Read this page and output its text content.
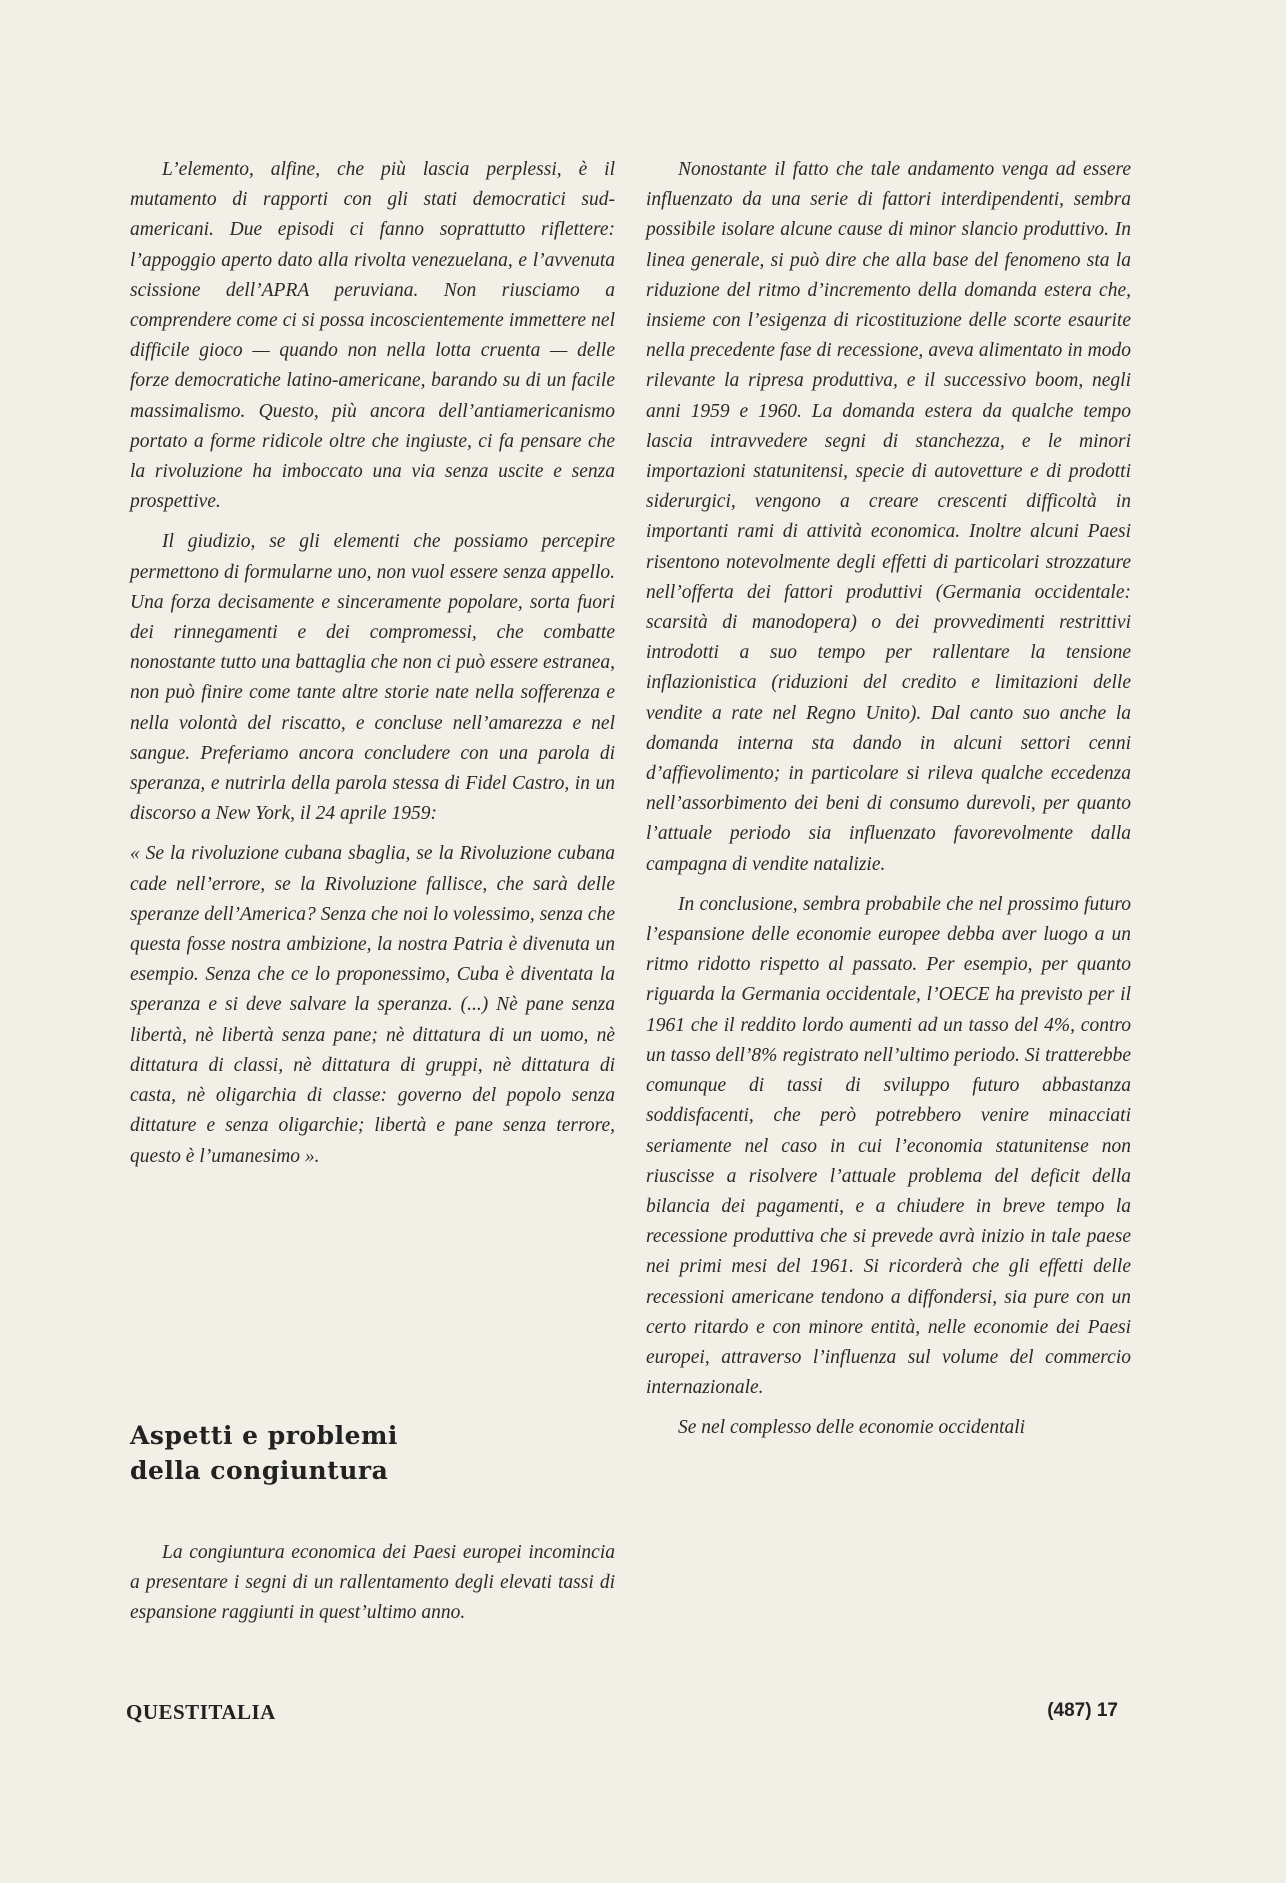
L’elemento, alfine, che più lascia perplessi, è il mutamento di rapporti con gli stati democratici sud-americani. Due episodi ci fanno soprattutto riflettere: l’appoggio aperto dato alla rivolta venezuelana, e l’avvenuta scissione dell’APRA peruviana. Non riusciamo a comprendere come ci si possa incoscientemente immettere nel difficile gioco — quando non nella lotta cruenta — delle forze democratiche latino-americane, barando su di un facile massimalismo. Questo, più ancora dell’antiamericanismo portato a forme ridicole oltre che ingiuste, ci fa pensare che la rivoluzione ha imboccato una via senza uscite e senza prospettive.

Il giudizio, se gli elementi che possiamo percepire permettono di formularne uno, non vuol essere senza appello. Una forza decisamente e sinceramente popolare, sorta fuori dei rinnegamenti e dei compromessi, che combatte nonostante tutto una battaglia che non ci può essere estranea, non può finire come tante altre storie nate nella sofferenza e nella volontà del riscatto, e concluse nell’amarezza e nel sangue. Preferiamo ancora concludere con una parola di speranza, e nutrirla della parola stessa di Fidel Castro, in un discorso a New York, il 24 aprile 1959:

« Se la rivoluzione cubana sbaglia, se la Rivoluzione cubana cade nell’errore, se la Rivoluzione fallisce, che sarà delle speranze dell’America? Senza che noi lo volessimo, senza che questa fosse nostra ambizione, la nostra Patria è divenuta un esempio. Senza che ce lo proponessimo, Cuba è diventata la speranza e si deve salvare la speranza. (...) Nè pane senza libertà, nè libertà senza pane; nè dittatura di un uomo, nè dittatura di classi, nè dittatura di gruppi, nè dittatura di casta, nè oligarchia di classe: governo del popolo senza dittature e senza oligarchie; libertà e pane senza terrore, questo è l’umanesimo ».

Aspetti e problemi
della congiuntura

La congiuntura economica dei Paesi europei incomincia a presentare i segni di un rallentamento degli elevati tassi di espansione raggiunti in quest’ultimo anno.

Nonostante il fatto che tale andamento venga ad essere influenzato da una serie di fattori interdipendenti, sembra possibile isolare alcune cause di minor slancio produttivo. In linea generale, si può dire che alla base del fenomeno sta la riduzione del ritmo d’incremento della domanda estera che, insieme con l’esigenza di ricostituzione delle scorte esaurite nella precedente fase di recessione, aveva alimentato in modo rilevante la ripresa produttiva, e il successivo boom, negli anni 1959 e 1960. La domanda estera da qualche tempo lascia intravvedere segni di stanchezza, e le minori importazioni statunitensi, specie di autovetture e di prodotti siderurgici, vengono a creare crescenti difficoltà in importanti rami di attività economica. Inoltre alcuni Paesi risentono notevolmente degli effetti di particolari strozzature nell’offerta dei fattori produttivi (Germania occidentale: scarsità di manodopera) o dei provvedimenti restrittivi introdotti a suo tempo per rallentare la tensione inflazionistica (riduzioni del credito e limitazioni delle vendite a rate nel Regno Unito). Dal canto suo anche la domanda interna sta dando in alcuni settori cenni d’affievolimento; in particolare si rileva qualche eccedenza nell’assorbimento dei beni di consumo durevoli, per quanto l’attuale periodo sia influenzato favorevolmente dalla campagna di vendite natalizie.

In conclusione, sembra probabile che nel prossimo futuro l’espansione delle economie europee debba aver luogo a un ritmo ridotto rispetto al passato. Per esempio, per quanto riguarda la Germania occidentale, l’OECE ha previsto per il 1961 che il reddito lordo aumenti ad un tasso del 4%, contro un tasso dell’8% registrato nell’ultimo periodo. Si tratterebbe comunque di tassi di sviluppo futuro abbastanza soddisfacenti, che però potrebbero venire minacciati seriamente nel caso in cui l’economia statunitense non riuscisse a risolvere l’attuale problema del deficit della bilancia dei pagamenti, e a chiudere in breve tempo la recessione produttiva che si prevede avrà inizio in tale paese nei primi mesi del 1961. Si ricorderà che gli effetti delle recessioni americane tendono a diffondersi, sia pure con un certo ritardo e con minore entità, nelle economie dei Paesi europei, attraverso l’influenza sul volume del commercio internazionale.

Se nel complesso delle economie occidentali

QUESTITALIA	(487) 17
